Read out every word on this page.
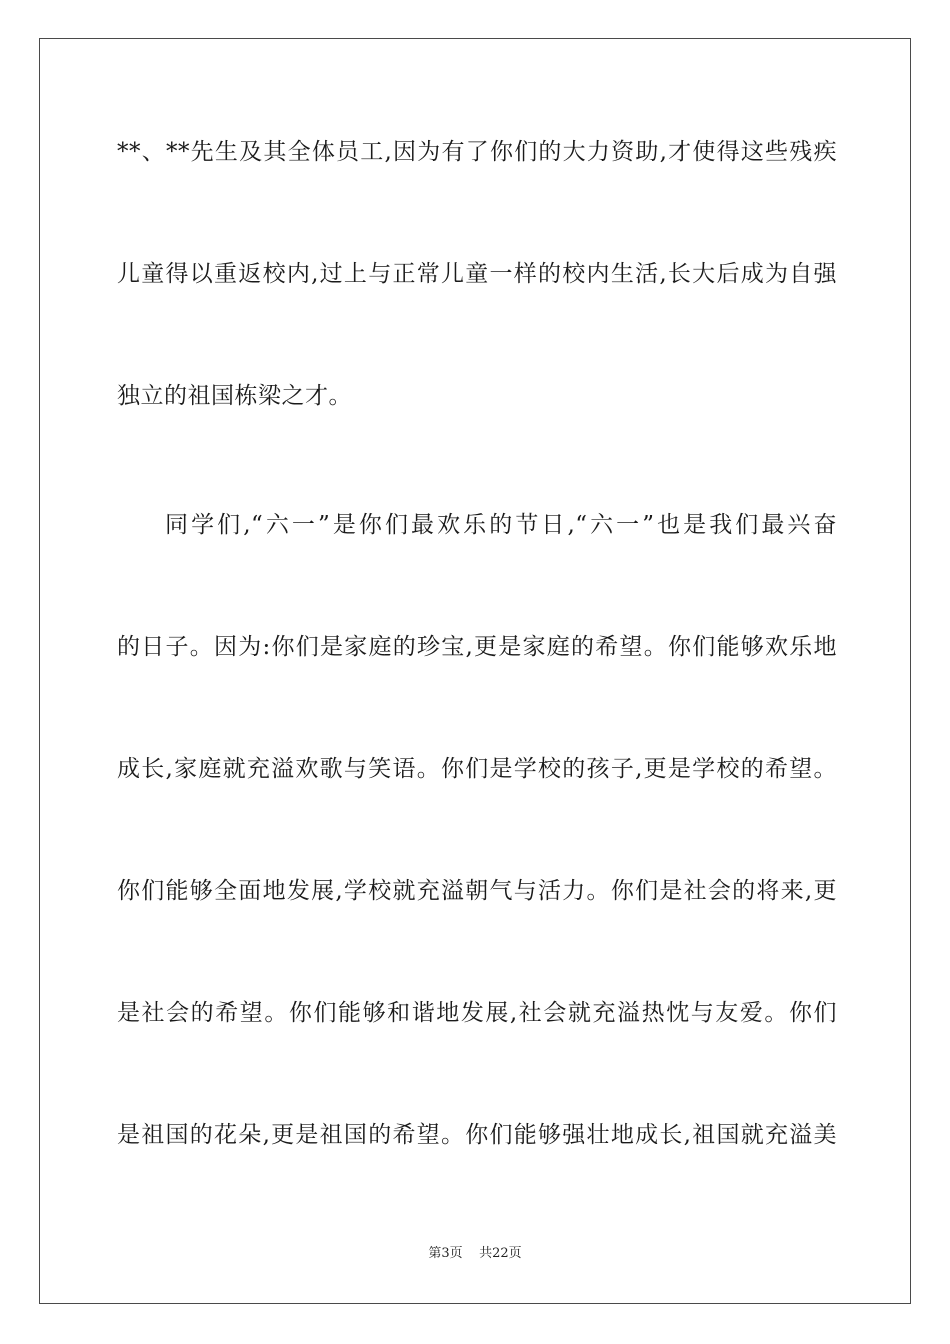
**、**先生及其全体员工,因为有了你们的大力资助,才使得这些残疾
儿童得以重返校内,过上与正常儿童一样的校内生活,长大后成为自强
独立的祖国栋梁之才。
同学们,“六一”是你们最欢乐的节日,“六一”也是我们最兴奋
的日子。因为:你们是家庭的珍宝,更是家庭的希望。你们能够欢乐地
成长,家庭就充溢欢歌与笑语。你们是学校的孩子,更是学校的希望。
你们能够全面地发展,学校就充溢朝气与活力。你们是社会的将来,更
是社会的希望。你们能够和谐地发展,社会就充溢热忱与友爱。你们
是祖国的花朵,更是祖国的希望。你们能够强壮地成长,祖国就充溢美
第3页 共22页
